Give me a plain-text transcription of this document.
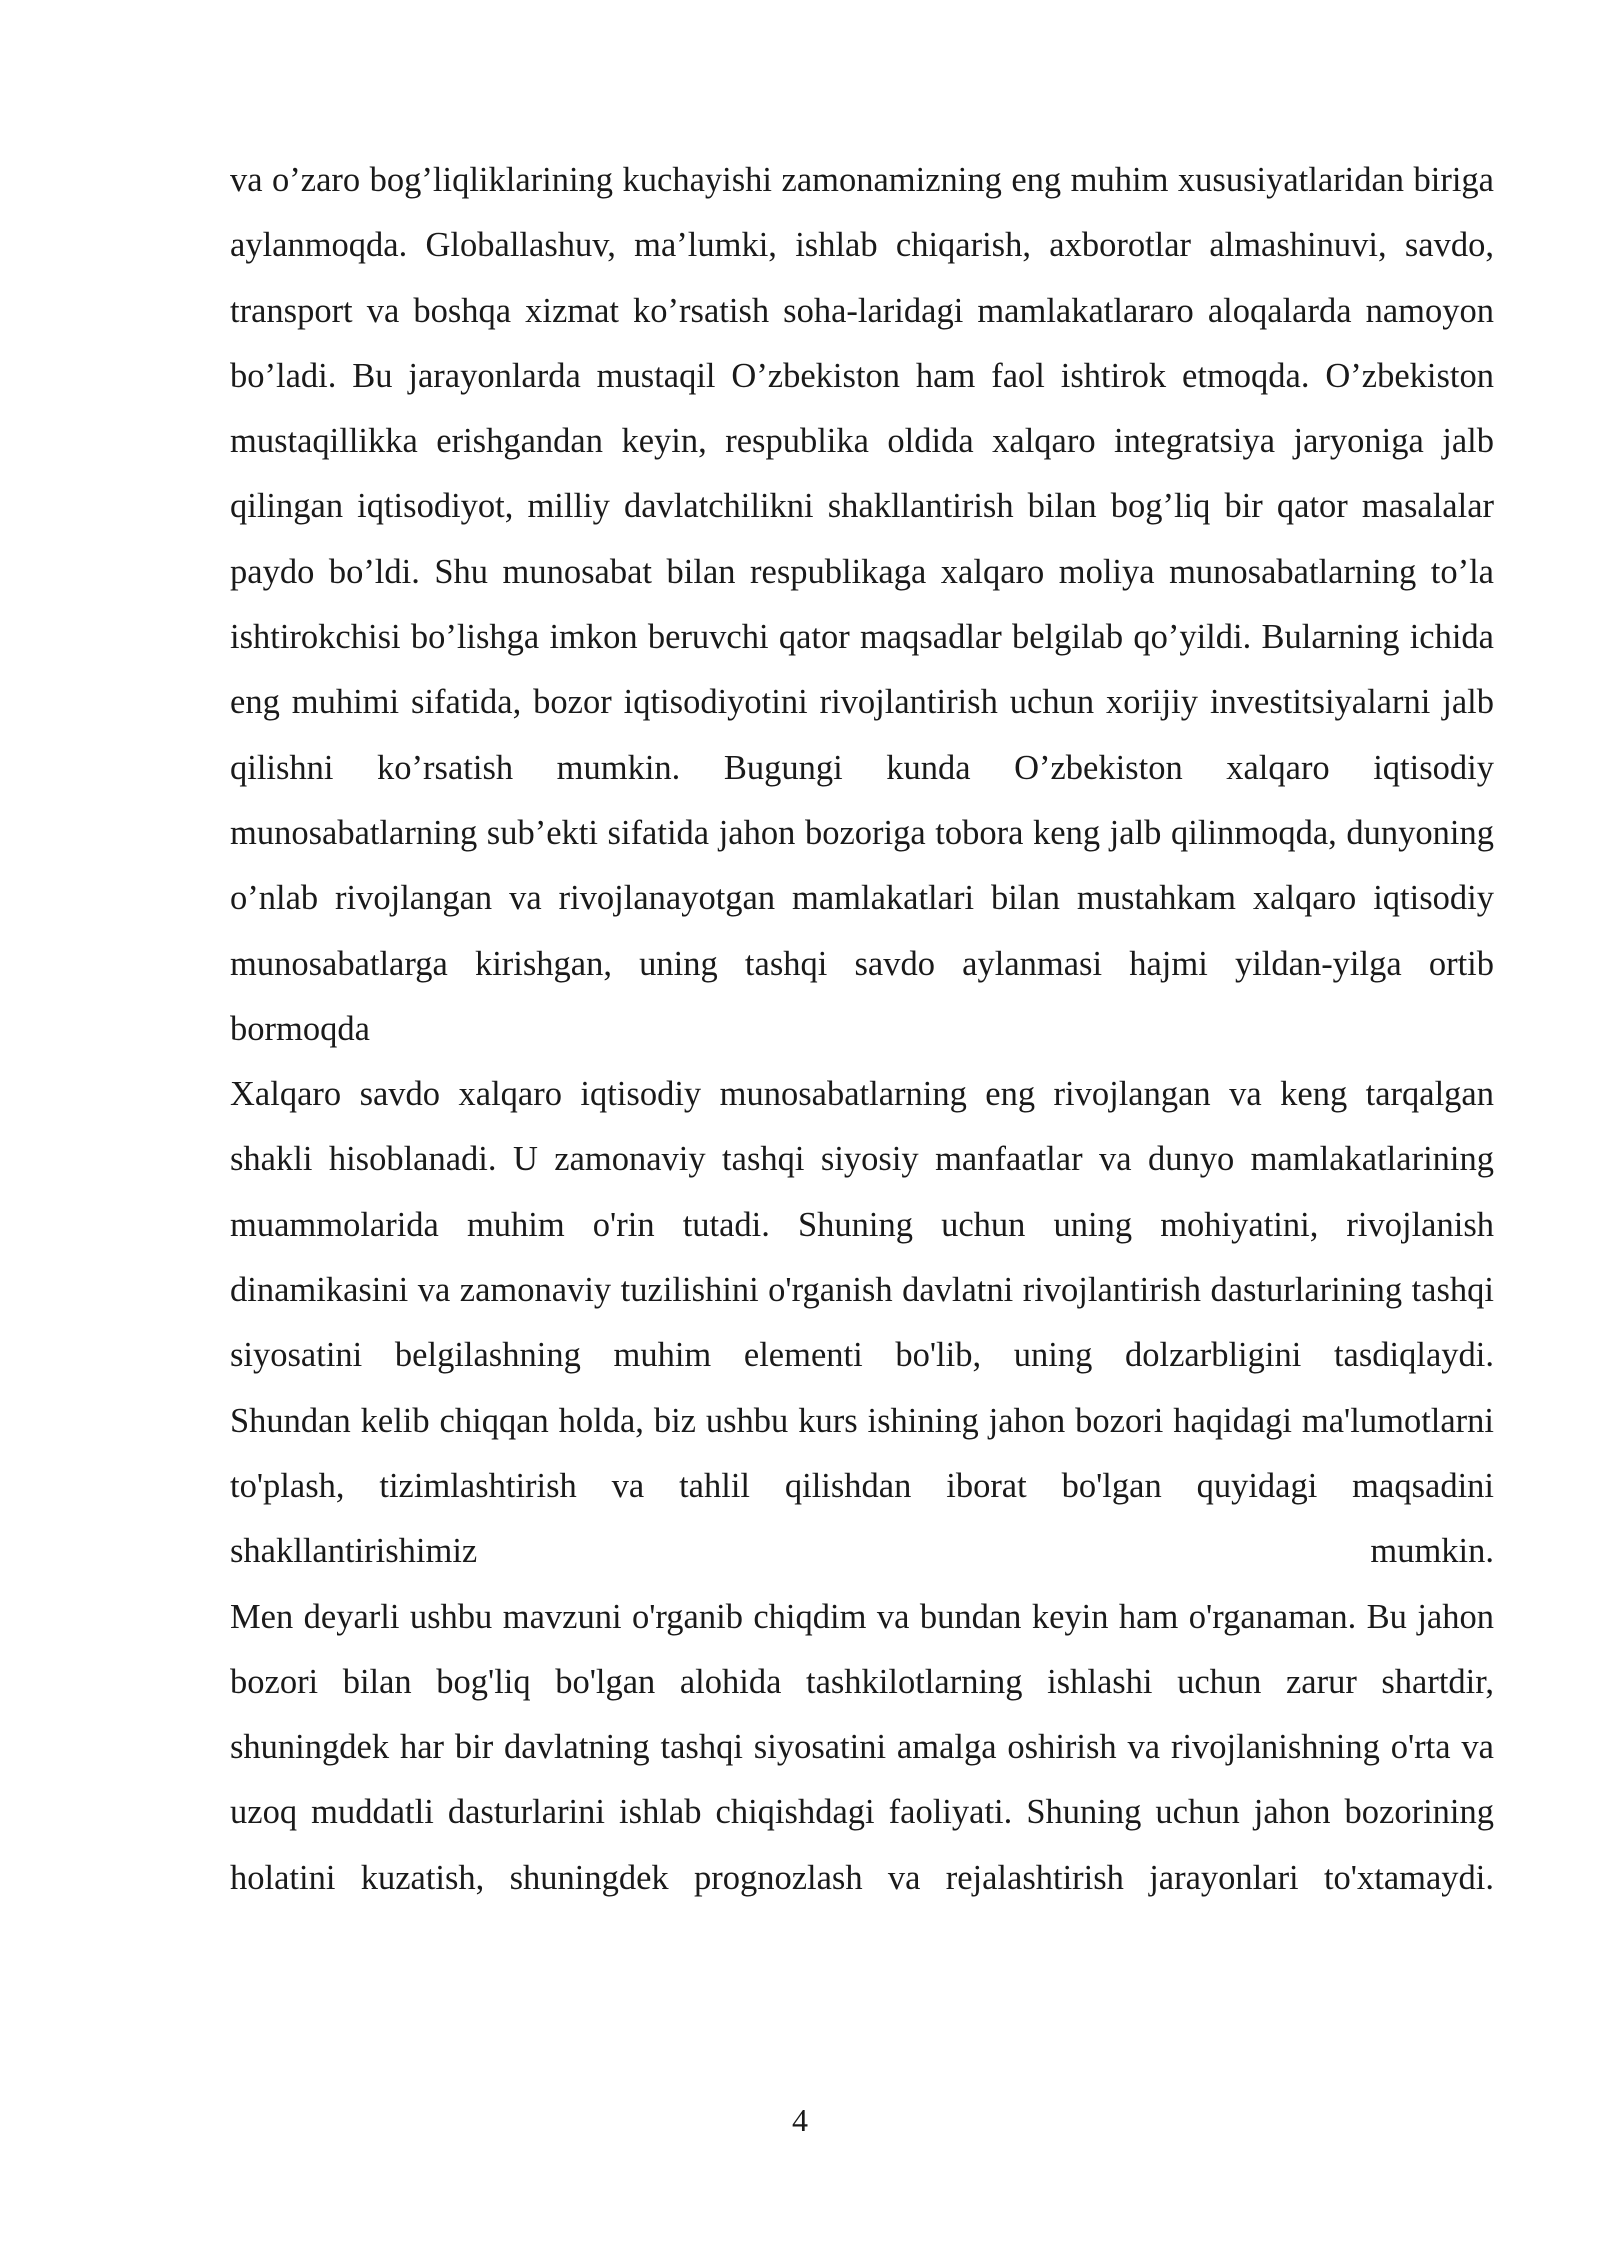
va o’zaro bog’liqliklarining kuchayishi zamonamizning eng muhim xususiyatlaridan biriga aylanmoqda. Globallashuv, ma’lumki, ishlab chiqarish, axborotlar almashinuvi, savdo, transport va boshqa xizmat ko’rsatish soha-laridagi mamlakatlararo aloqalarda namoyon bo’ladi. Bu jarayonlarda mustaqil O’zbekiston ham faol ishtirok etmoqda. O’zbekiston mustaqillikka erishgandan keyin, respublika oldida xalqaro integratsiya jaryoniga jalb qilingan iqtisodiyot, milliy davlatchilikni shakllantirish bilan bog’liq bir qator masalalar paydo bo’ldi. Shu munosabat bilan respublikaga xalqaro moliya munosabatlarning to’la ishtirokchisi bo’lishga imkon beruvchi qator maqsadlar belgilab qo’yildi. Bularning ichida eng muhimi sifatida, bozor iqtisodiyotini rivojlantirish uchun xorijiy investitsiyalarni jalb qilishni ko’rsatish mumkin. Bugungi kunda O’zbekiston xalqaro iqtisodiy munosabatlarning sub’ekti sifatida jahon bozoriga tobora keng jalb qilinmoqda, dunyoning o’nlab rivojlangan va rivojlanayotgan mamlakatlari bilan mustahkam xalqaro iqtisodiy munosabatlarga kirishgan, uning tashqi savdo aylanmasi hajmi yildan-yilga ortib bormoqda

Xalqaro savdo xalqaro iqtisodiy munosabatlarning eng rivojlangan va keng tarqalgan shakli hisoblanadi. U zamonaviy tashqi siyosiy manfaatlar va dunyo mamlakatlarining muammolarida muhim o'rin tutadi. Shuning uchun uning mohiyatini, rivojlanish dinamikasini va zamonaviy tuzilishini o'rganish davlatni rivojlantirish dasturlarining tashqi siyosatini belgilashning muhim elementi bo'lib, uning dolzarbligini tasdiqlaydi.

Shundan kelib chiqqan holda, biz ushbu kurs ishining jahon bozori haqidagi ma'lumotlarni to'plash, tizimlashtirish va tahlil qilishdan iborat bo'lgan quyidagi maqsadini shakllantirishimiz mumkin.

Men deyarli ushbu mavzuni o'rganib chiqdim va bundan keyin ham o'rganaman. Bu jahon bozori bilan bog'liq bo'lgan alohida tashkilotlarning ishlashi uchun zarur shartdir, shuningdek har bir davlatning tashqi siyosatini amalga oshirish va rivojlanishning o'rta va uzoq muddatli dasturlarini ishlab chiqishdagi faoliyati. Shuning uchun jahon bozorining holatini kuzatish, shuningdek prognozlash va rejalashtirish jarayonlari to'xtamaydi.

4
